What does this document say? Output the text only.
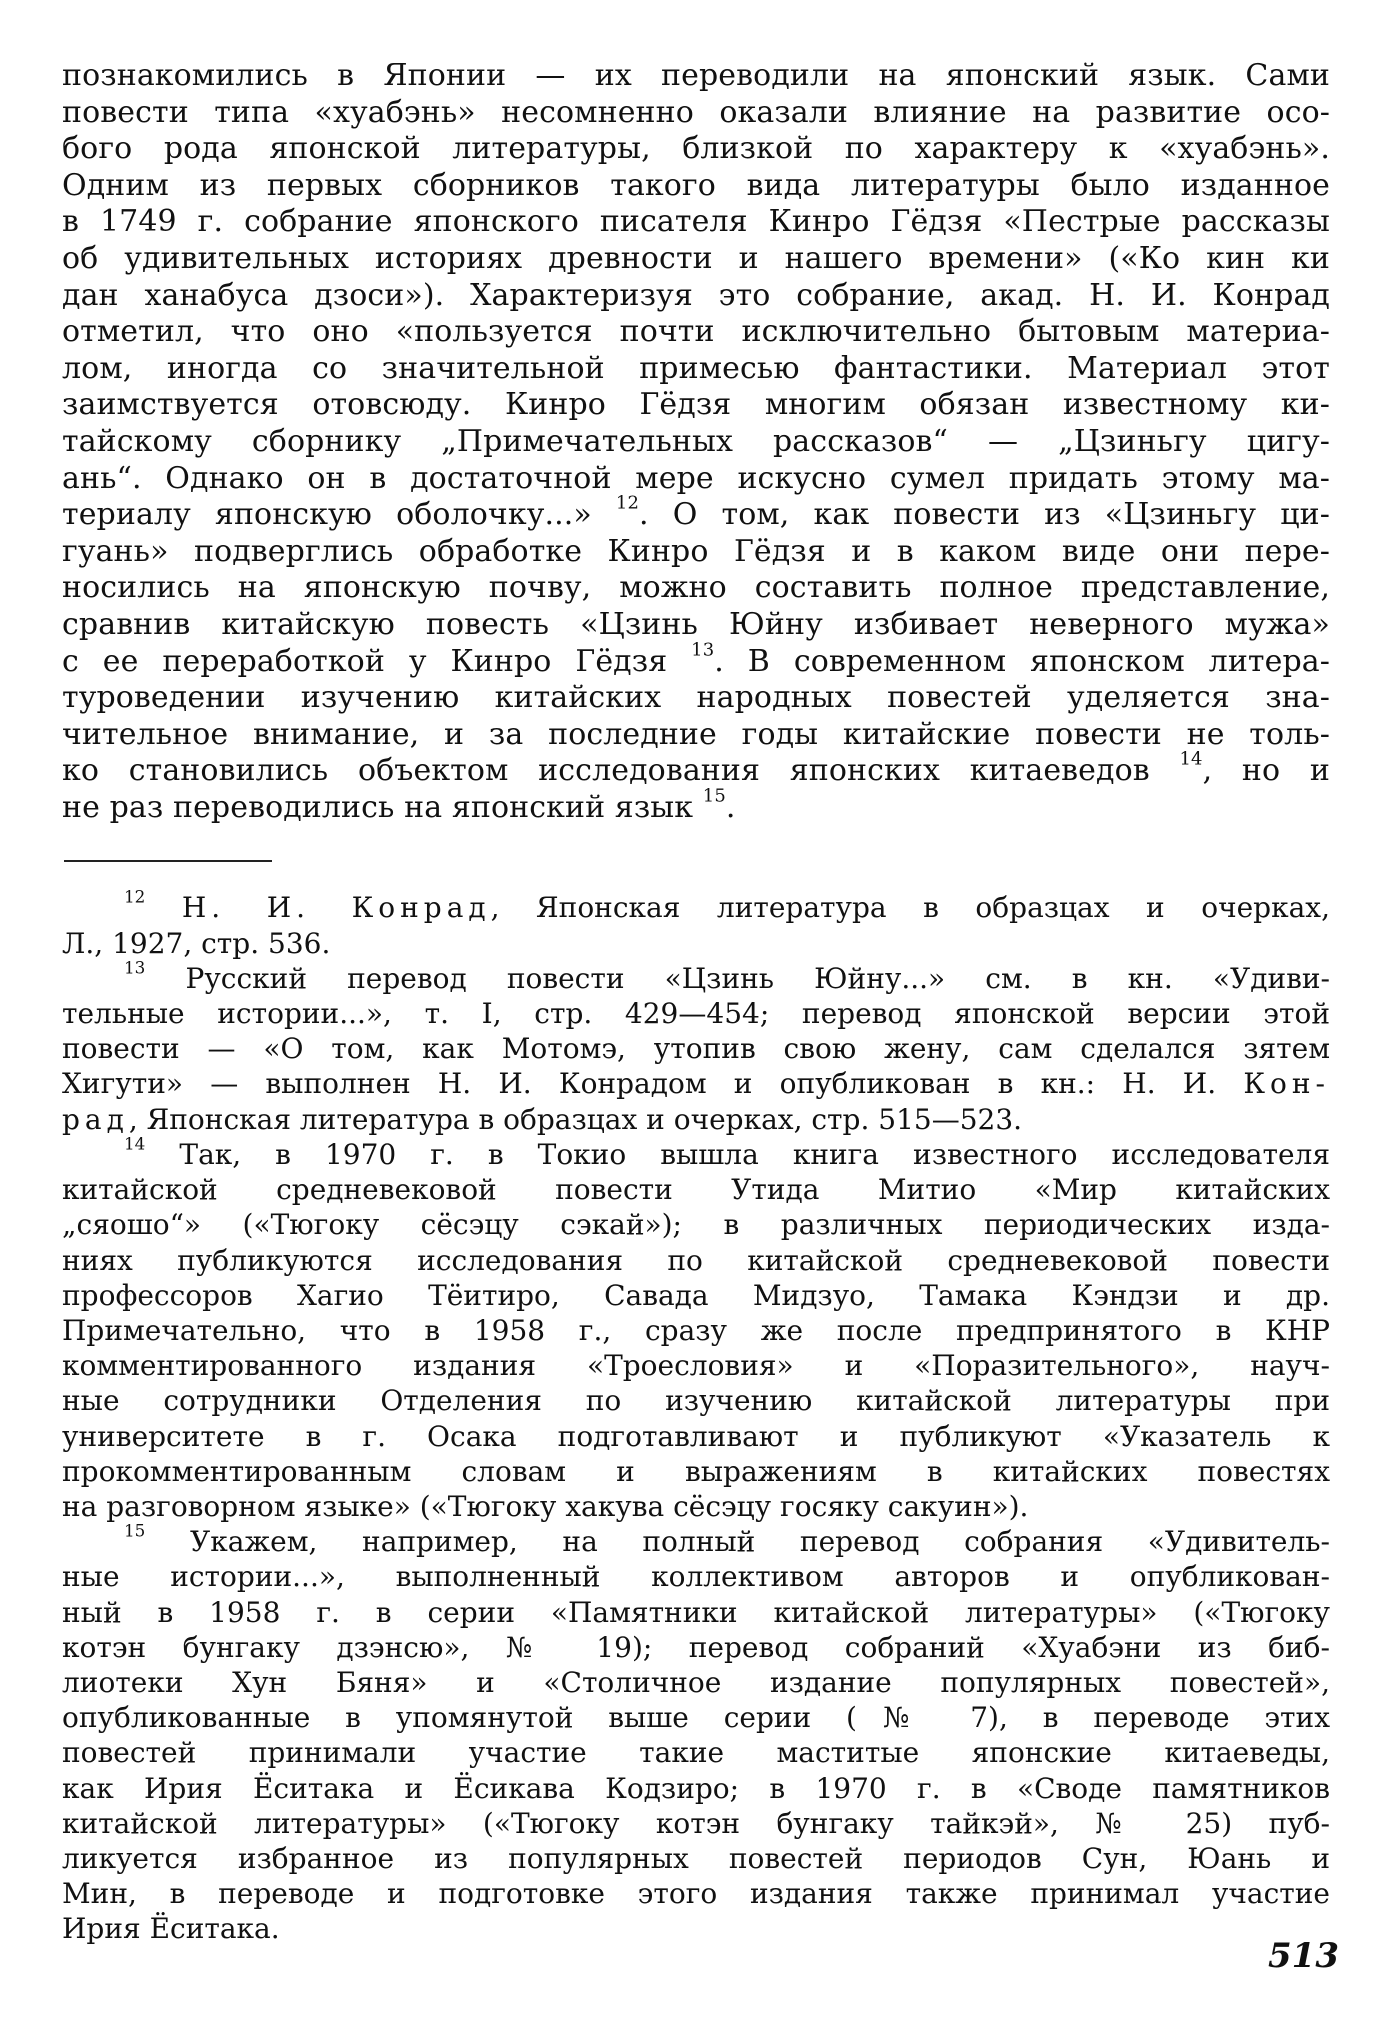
познакомились в Японии — их переводили на японский язык. Сами

повести типа «хуабэнь» несомненно оказали влияние на развитие осо-

бого рода японской литературы, близкой по характеру к «хуабэнь».

Одним из первых сборников такого вида литературы было изданное

в 1749 г. собрание японского писателя Кинро Гёдзя «Пестрые рассказы

об удивительных историях древности и нашего времени» («Ко кин ки

дан ханабуса дзоси»). Характеризуя это собрание, акад. Н. И. Конрад

отметил, что оно «пользуется почти исключительно бытовым материа-

лом, иногда со значительной примесью фантастики. Материал этот

заимствуется отовсюду. Кинро Гёдзя многим обязан известному ки-

тайскому сборнику „Примечательных рассказов“ — „Цзиньгу цигу-

ань“. Однако он в достаточной мере искусно сумел придать этому ма-

териалу японскую оболочку...» $^{12}$. О том, как повести из «Цзиньгу ци-

гуань» подверглись обработке Кинро Гёдзя и в каком виде они пере-

носились на японскую почву, можно составить полное представление,

сравнив китайскую повесть «Цзинь Юйну избивает неверного мужа»

с ее переработкой у Кинро Гёдзя $^{13}$. В современном японском литера-

туроведении изучению китайских народных повестей уделяется зна-

чительное внимание, и за последние годы китайские повести не толь-

ко становились объектом исследования японских китаеведов $^{14}$, но и

не раз переводились на японский язык $^{15}$.

$^{12}$ Н. И. Конрад, Японская литература в образцах и очерках,

Л., 1927, стр. 536.

$^{13}$ Русский перевод повести «Цзинь Юйну...» см. в кн. «Удиви-

тельные истории...», т. I, стр. 429—454; перевод японской версии этой

повести — «О том, как Мотомэ, утопив свою жену, сам сделался зятем

Хигути» — выполнен Н. И. Конрадом и опубликован в кн.: Н. И. Кон-

рад, Японская литература в образцах и очерках, стр. 515—523.

$^{14}$ Так, в 1970 г. в Токио вышла книга известного исследователя

китайской средневековой повести Утида Митио «Мир китайских

„сяошо“» («Тюгоку сёсэцу сэкай»); в различных периодических изда-

ниях публикуются исследования по китайской средневековой повести

профессоров Хагио Тёитиро, Савада Мидзуо, Тамака Кэндзи и др.

Примечательно, что в 1958 г., сразу же после предпринятого в КНР

комментированного издания «Троесловия» и «Поразительного», науч-

ные сотрудники Отделения по изучению китайской литературы при

университете в г. Осака подготавливают и публикуют «Указатель к

прокомментированным словам и выражениям в китайских повестях

на разговорном языке» («Тюгоку хакува сёсэцу госяку сакуин»).

$^{15}$ Укажем, например, на полный перевод собрания «Удивитель-

ные истории...», выполненный коллективом авторов и опубликован-

ный в 1958 г. в серии «Памятники китайской литературы» («Тюгоку

котэн бунгаку дзэнсю», № 19); перевод собраний «Хуабэни из биб-

лиотеки Хун Бяня» и «Столичное издание популярных повестей»,

опубликованные в упомянутой выше серии (№ 7), в переводе этих

повестей принимали участие такие маститые японские китаеведы,

как Ирия Ёситака и Ёсикава Кодзиро; в 1970 г. в «Своде памятников

китайской литературы» («Тюгоку котэн бунгаку тайкэй», № 25) пуб-

ликуется избранное из популярных повестей периодов Сун, Юань и

Мин, в переводе и подготовке этого издания также принимал участие

Ирия Ёситака.

513
